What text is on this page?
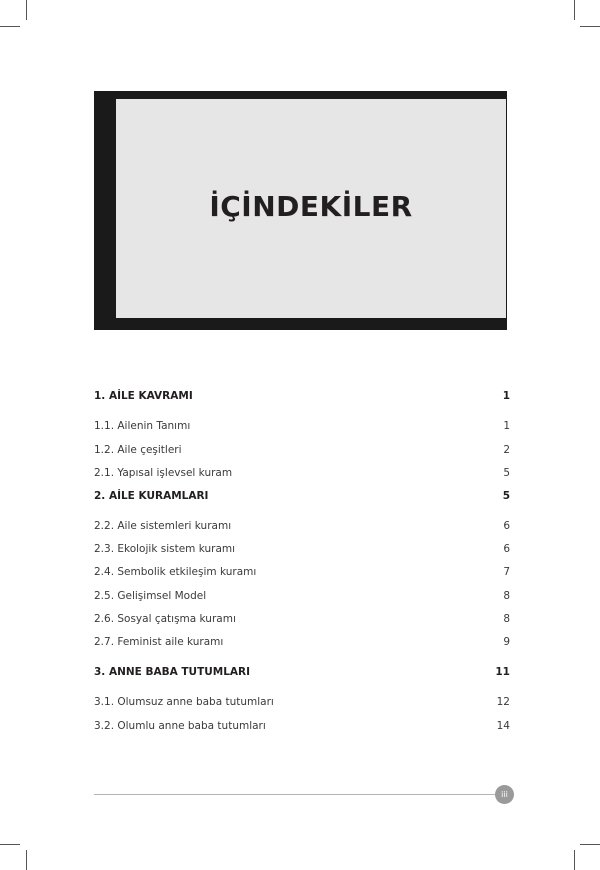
İÇİNDEKİLER
1. AİLE KAVRAMI	1
1.1. Ailenin Tanımı	1
1.2. Aile çeşitleri	2
2.1. Yapısal işlevsel kuram	5
2. AİLE KURAMLARI	5
2.2. Aile sistemleri kuramı	6
2.3. Ekolojik sistem kuramı	6
2.4. Sembolik etkileşim kuramı	7
2.5. Gelişimsel Model	8
2.6. Sosyal çatışma kuramı	8
2.7. Feminist aile kuramı	9
3. ANNE BABA TUTUMLARI	11
3.1. Olumsuz anne baba tutumları	12
3.2. Olumlu anne baba tutumları	14
iii
